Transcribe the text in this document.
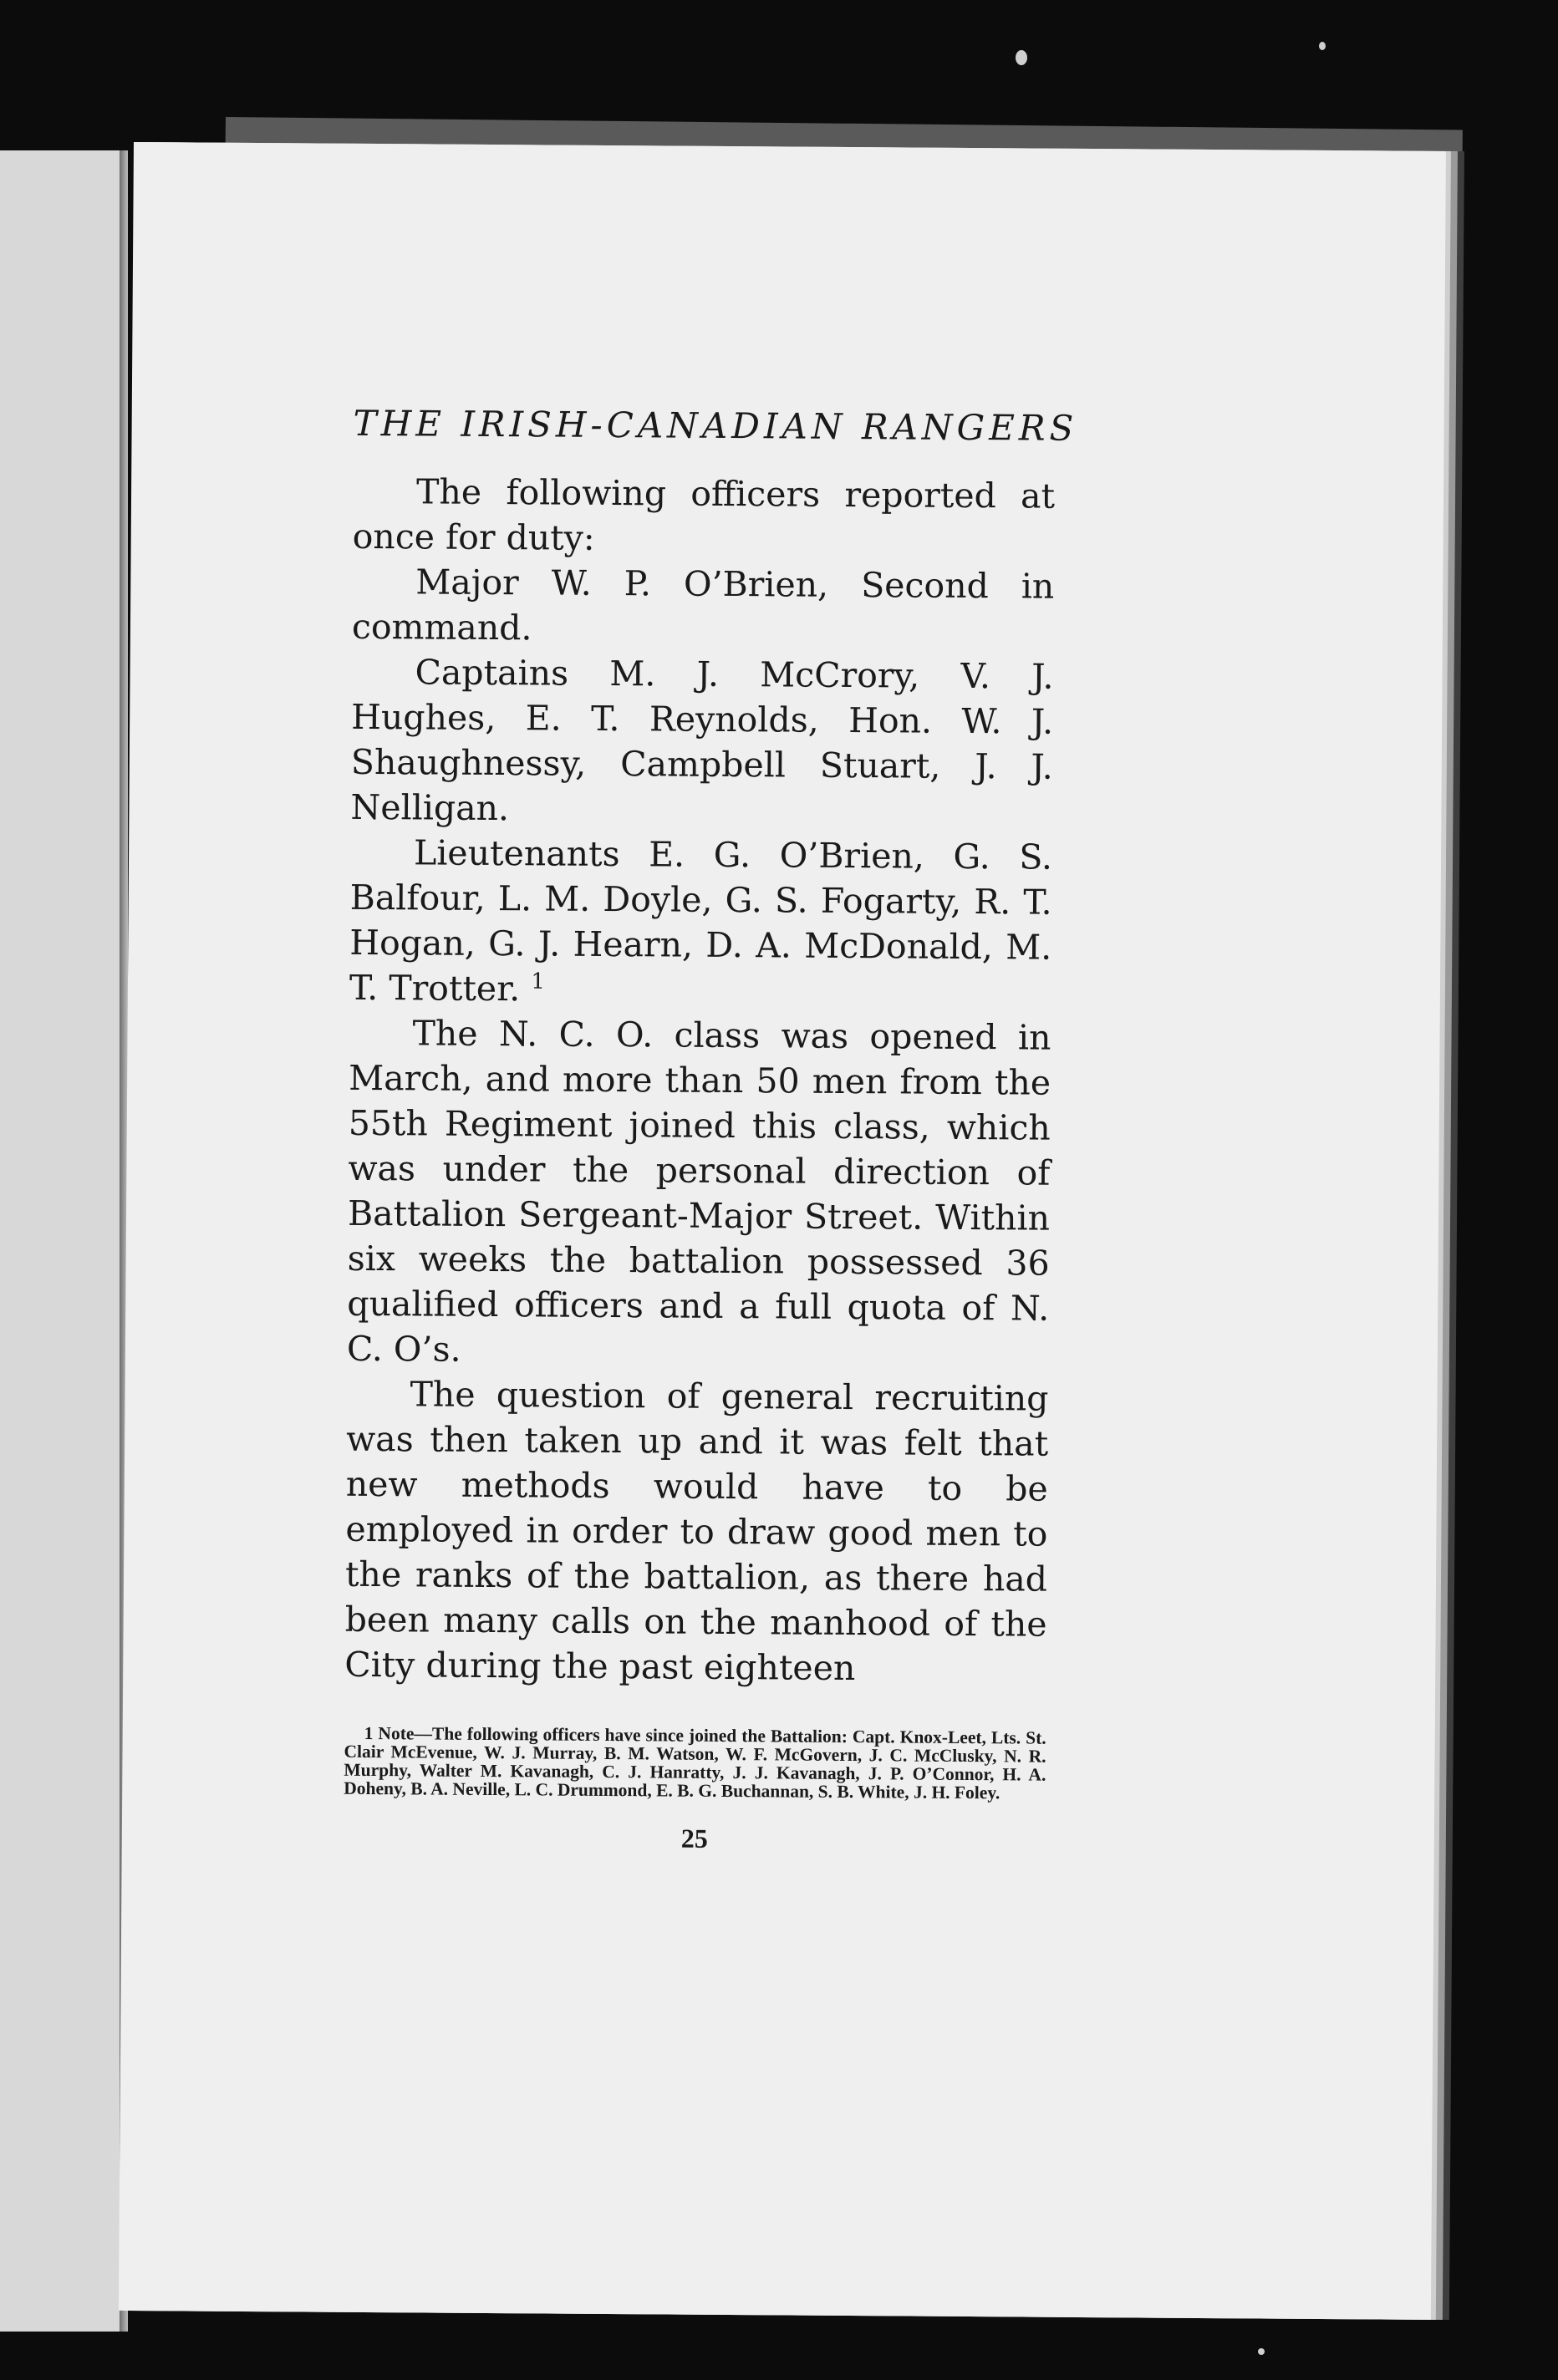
THE IRISH-CANADIAN RANGERS

The following officers reported at once for duty:

Major W. P. O’Brien, Second in command.

Captains M. J. McCrory, V. J. Hughes, E. T. Reynolds, Hon. W. J. Shaughnessy, Campbell Stuart, J. J. Nelligan.

Lieutenants E. G. O’Brien, G. S. Balfour, L. M. Doyle, G. S. Fogarty, R. T. Hogan, G. J. Hearn, D. A. McDonald, M. T. Trotter. $^1$

The N. C. O. class was opened in March, and more than 50 men from the 55th Regiment joined this class, which was under the personal direction of Battalion Sergeant-Major Street. Within six weeks the battalion possessed 36 qualified officers and a full quota of N. C. O’s.

The question of general recruiting was then taken up and it was felt that new methods would have to be employed in order to draw good men to the ranks of the battalion, as there had been many calls on the manhood of the City during the past eighteen

1 Note—The following officers have since joined the Battalion: Capt. Knox-Leet, Lts. St. Clair McEvenue, W. J. Murray, B. M. Watson, W. F. McGovern, J. C. McClusky, N. R. Murphy, Walter M. Kavanagh, C. J. Hanratty, J. J. Kavanagh, J. P. O’Connor, H. A. Doheny, B. A. Neville, L. C. Drummond, E. B. G. Buchannan, S. B. White, J. H. Foley.
25
